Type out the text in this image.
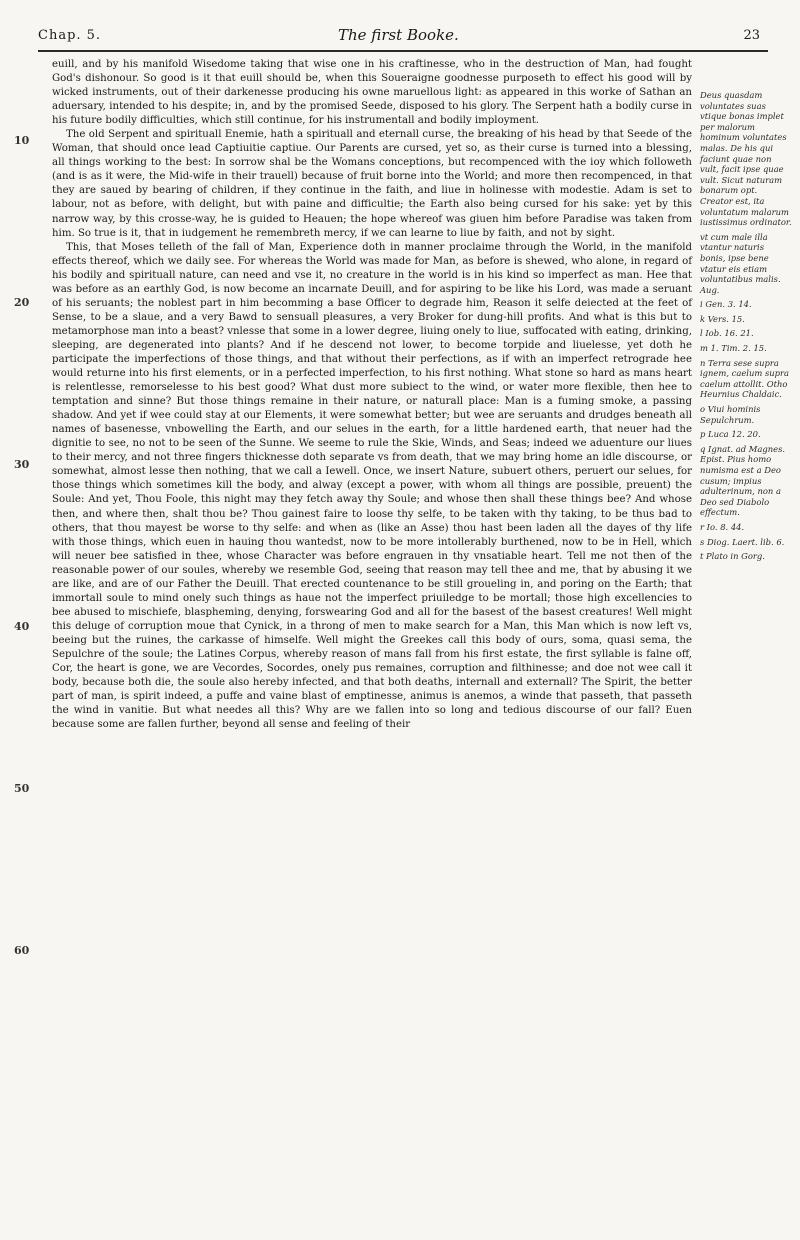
Chap. 5.	The first Booke.	23
10
20
30
40
50
60

euill, and by his manifold Wisedome taking that wise one in his craftinesse, who in the destruction of Man, had fought God's dishonour. So good is it that euill should be, when this Soueraigne goodnesse purposeth to effect his good will by wicked instruments, out of their darkenesse producing his owne maruellous light: as appeared in this worke of Sathan an aduersary, intended to his despite; in, and by the promised Seede, disposed to his glory. The Serpent hath a bodily curse in his future bodily difficulties, which still continue, for his instrumentall and bodily imployment.

The old Serpent and spirituall Enemie, hath a spirituall and eternall curse, the breaking of his head by that Seede of the Woman, that should once lead Captiuitie captiue. Our Parents are cursed, yet so, as their curse is turned into a blessing, all things working to the best: In sorrow shal be the Womans conceptions, but recompenced with the ioy which followeth (and is as it were, the Mid-wife in their trauell) because of fruit borne into the World; and more then recompenced, in that they are saued by bearing of children, if they continue in the faith, and liue in holinesse with modestie. Adam is set to labour, not as before, with delight, but with paine and difficultie; the Earth also being cursed for his sake: yet by this narrow way, by this crosse-way, he is guided to Heauen; the hope whereof was giuen him before Paradise was taken from him. So true is it, that in iudgement he remembreth mercy, if we can learne to liue by faith, and not by sight.

This, that Moses telleth of the fall of Man, Experience doth in manner proclaime through the World, in the manifold effects thereof, which we daily see. For whereas the World was made for Man, as before is shewed, who alone, in regard of his bodily and spirituall nature, can need and vse it, no creature in the world is in his kind so imperfect as man. Hee that was before as an earthly God, is now become an incarnate Deuill, and for aspiring to be like his Lord, was made a seruant of his seruants; the noblest part in him becomming a base Officer to degrade him, Reason it selfe deiected at the feet of Sense, to be a slaue, and a very Bawd to sensuall pleasures, a very Broker for dung-hill profits. And what is this but to metamorphose man into a beast? vnlesse that some in a lower degree, liuing onely to liue, suffocated with eating, drinking, sleeping, are degenerated into plants? And if he descend not lower, to become torpide and liuelesse, yet doth he participate the imperfections of those things, and that without their perfections, as if with an imperfect retrograde hee would returne into his first elements, or in a perfected imperfection, to his first nothing. What stone so hard as mans heart is relentlesse, remorselesse to his best good? What dust more subiect to the wind, or water more flexible, then hee to temptation and sinne? But those things remaine in their nature, or naturall place: Man is a fuming smoke, a passing shadow. And yet if wee could stay at our Elements, it were somewhat better; but wee are seruants and drudges beneath all names of basenesse, vnbowelling the Earth, and our selues in the earth, for a little hardened earth, that neuer had the dignitie to see, no not to be seen of the Sunne. We seeme to rule the Skie, Winds, and Seas; indeed we aduenture our liues to their mercy, and not three fingers thicknesse doth separate vs from death, that we may bring home an idle discourse, or somewhat, almost lesse then nothing, that we call a Iewell. Once, we insert Nature, subuert others, peruert our selues, for those things which sometimes kill the body, and alway (except a power, with whom all things are possible, preuent) the Soule: And yet, Thou Foole, this night may they fetch away thy Soule; and whose then shall these things bee? And whose then, and where then, shalt thou be? Thou gainest faire to loose thy selfe, to be taken with thy taking, to be thus bad to others, that thou mayest be worse to thy selfe: and when as (like an Asse) thou hast been laden all the dayes of thy life with those things, which euen in hauing thou wantedst, now to be more intollerably burthened, now to be in Hell, which will neuer bee satisfied in thee, whose Character was before engrauen in thy vnsatiable heart. Tell me not then of the reasonable power of our soules, whereby we resemble God, seeing that reason may tell thee and me, that by abusing it we are like, and are of our Father the Deuill. That erected countenance to be still groueling in, and poring on the Earth; that immortall soule to mind onely such things as haue not the imperfect priuiledge to be mortall; those high excellencies to bee abused to mischiefe, blaspheming, denying, forswearing God and all for the basest of the basest creatures! Well might this deluge of corruption moue that Cynick, in a throng of men to make search for a Man, this Man which is now left vs, beeing but the ruines, the carkasse of himselfe. Well might the Greekes call this body of ours, soma, quasi sema, the Sepulchre of the soule; the Latines Corpus, whereby reason of mans fall from his first estate, the first syllable is falne off, Cor, the heart is gone, we are Vecordes, Socordes, onely pus remaines, corruption and filthinesse; and doe not wee call it body, because both die, the soule also hereby infected, and that both deaths, internall and externall? The Spirit, the better part of man, is spirit indeed, a puffe and vaine blast of emptinesse, animus is anemos, a winde that passeth, that passeth the wind in vanitie. But what needes all this? Why are we fallen into so long and tedious discourse of our fall? Euen because some are fallen further, beyond all sense and feeling of their

Deus quasdam voluntates suas vtique bonas implet per malorum hominum voluntates malas. De his qui faciunt quae non vult, facit ipse quae vult. Sicut naturam bonarum opt. Creator est, ita voluntatum malarum iustissimus ordinator.
vt cum male illa vtantur naturis bonis, ipse bene vtatur eis etiam voluntatibus malis. Aug.
i Gen. 3. 14.
k Vers. 15.
l Iob. 16. 21.
m 1. Tim. 2. 15.
n Terra sese supra ignem, caelum supra caelum attollit. Otho Heurnius Chaldaic.
o Viui hominis Sepulchrum.
p Luca 12. 20.
q Ignat. ad Magnes. Epist. Pius homo numisma est a Deo cusum; impius adulterinum, non a Deo sed Diabolo effectum.
r Io. 8. 44.
s Diog. Laert. lib. 6.
t Plato in Gorg.
